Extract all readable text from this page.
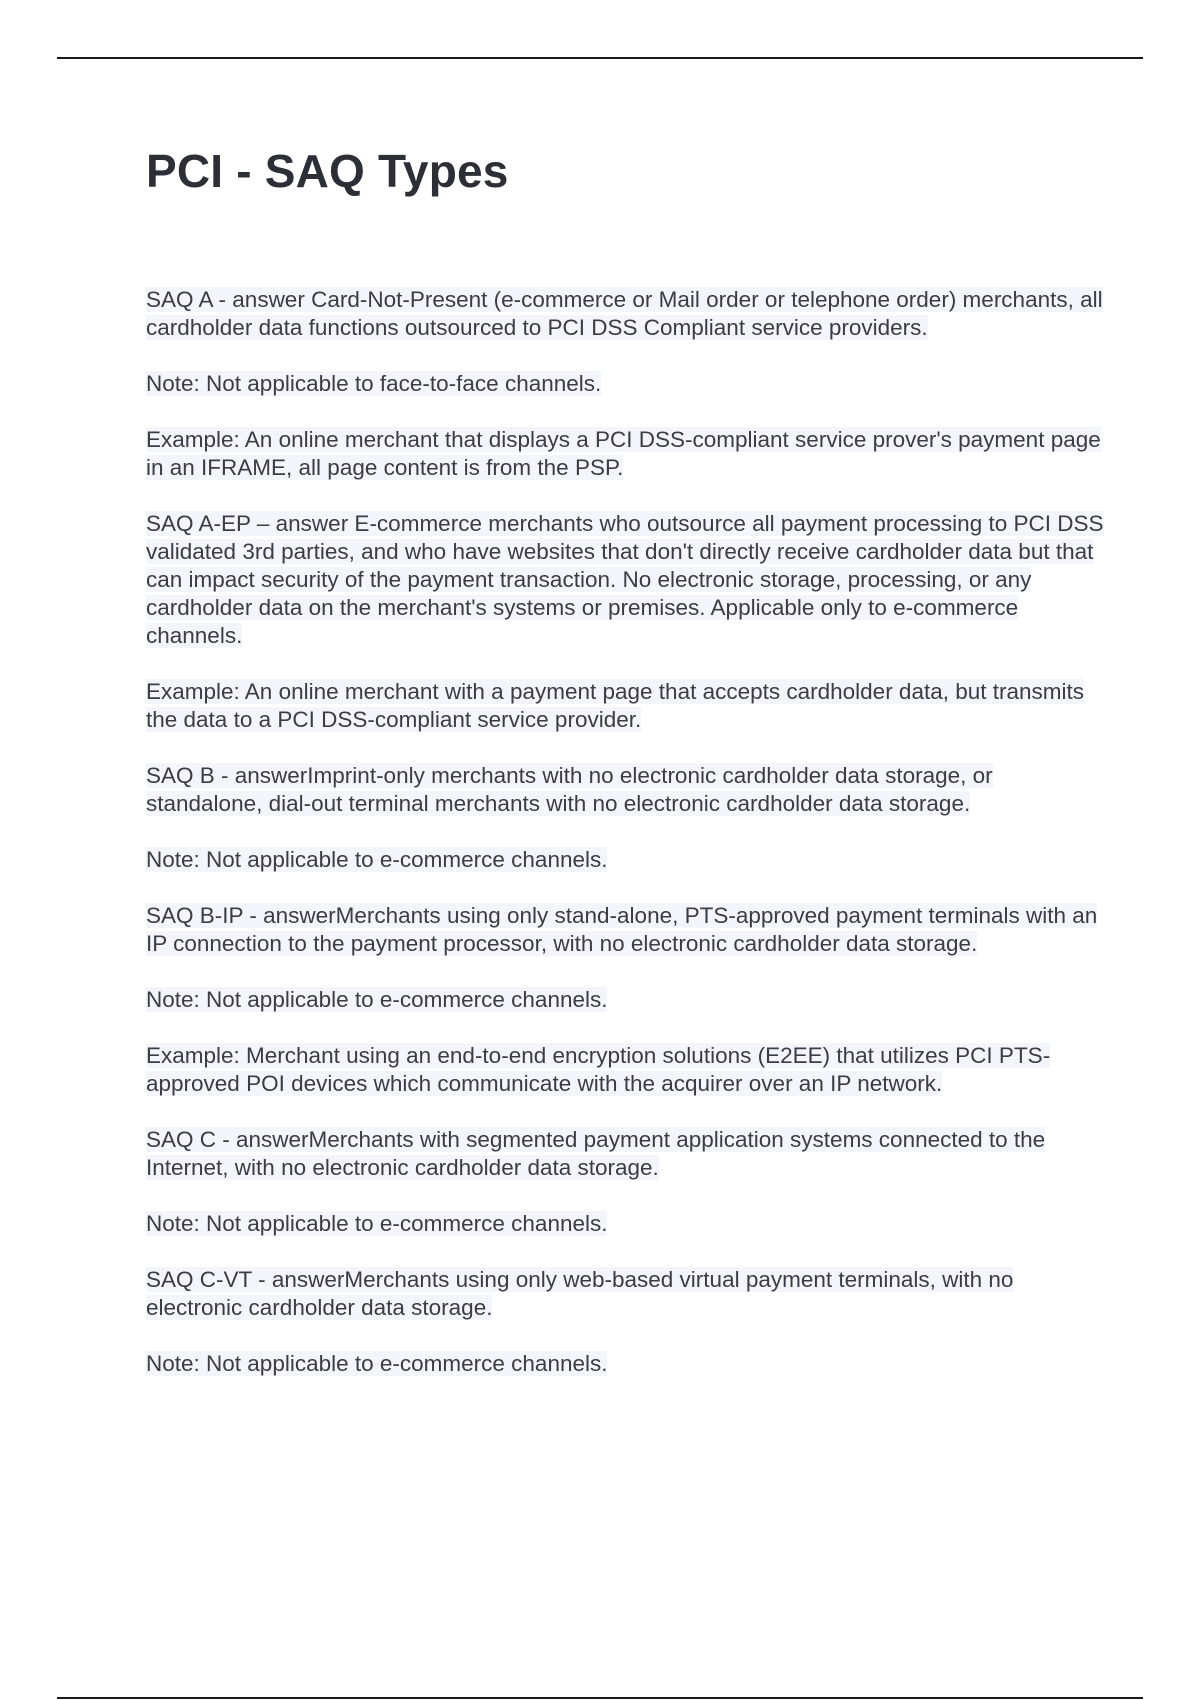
PCI - SAQ Types

SAQ A - answer Card-Not-Present (e-commerce or Mail order or telephone order) merchants, all cardholder data functions outsourced to PCI DSS Compliant service providers.

Note: Not applicable to face-to-face channels.

Example: An online merchant that displays a PCI DSS-compliant service prover's payment page in an IFRAME, all page content is from the PSP.

SAQ A-EP – answer E-commerce merchants who outsource all payment processing to PCI DSS validated 3rd parties, and who have websites that don't directly receive cardholder data but that can impact security of the payment transaction. No electronic storage, processing, or any cardholder data on the merchant's systems or premises. Applicable only to e-commerce channels.

Example: An online merchant with a payment page that accepts cardholder data, but transmits the data to a PCI DSS-compliant service provider.

SAQ B - answerImprint-only merchants with no electronic cardholder data storage, or standalone, dial-out terminal merchants with no electronic cardholder data storage.

Note: Not applicable to e-commerce channels.

SAQ B-IP - answerMerchants using only stand-alone, PTS-approved payment terminals with an IP connection to the payment processor, with no electronic cardholder data storage.

Note: Not applicable to e-commerce channels.

Example: Merchant using an end-to-end encryption solutions (E2EE) that utilizes PCI PTS-approved POI devices which communicate with the acquirer over an IP network.

SAQ C - answerMerchants with segmented payment application systems connected to the Internet, with no electronic cardholder data storage.

Note: Not applicable to e-commerce channels.

SAQ C-VT - answerMerchants using only web-based virtual payment terminals, with no electronic cardholder data storage.

Note: Not applicable to e-commerce channels.
